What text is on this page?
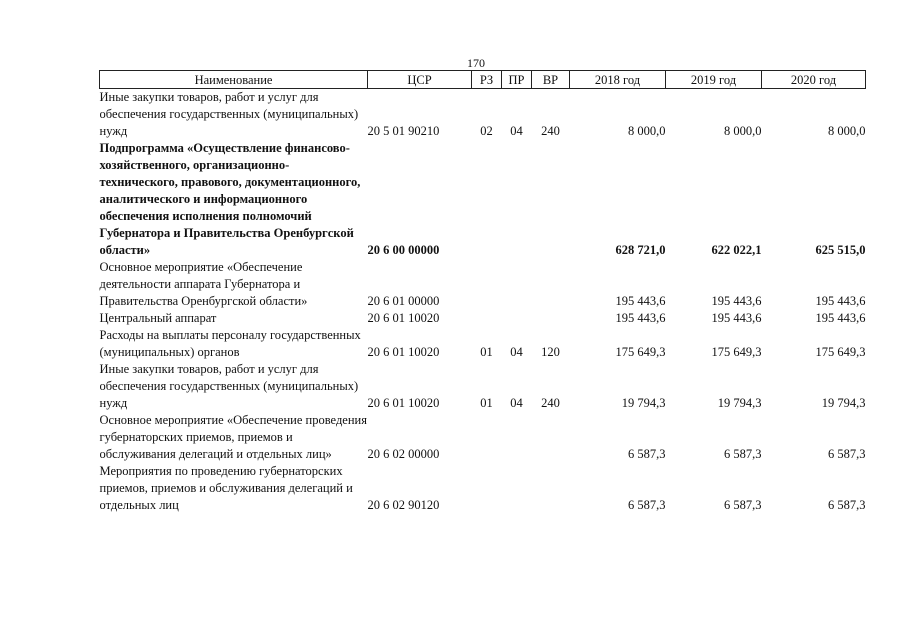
170
Наименование	ЦСР	РЗ	ПР	ВР	2018 год	2019 год	2020 год
Иные закупки товаров, работ и услуг для обеспечения государственных (муниципальных) нужд	20 5 01 90210	02	04	240	8 000,0	8 000,0	8 000,0
Подпрограмма «Осуществление финансово-хозяйственного, организационно-технического, правового, документационного, аналитического и информационного обеспечения исполнения полномочий Губернатора и Правительства Оренбургской области»	20 6 00 00000				628 721,0	622 022,1	625 515,0
Основное мероприятие «Обеспечение деятельности аппарата Губернатора и Правительства Оренбургской области»	20 6 01 00000				195 443,6	195 443,6	195 443,6
Центральный аппарат	20 6 01 10020				195 443,6	195 443,6	195 443,6
Расходы на выплаты персоналу государственных (муниципальных) органов	20 6 01 10020	01	04	120	175 649,3	175 649,3	175 649,3
Иные закупки товаров, работ и услуг для обеспечения государственных (муниципальных) нужд	20 6 01 10020	01	04	240	19 794,3	19 794,3	19 794,3
Основное мероприятие «Обеспечение проведения губернаторских приемов, приемов и обслуживания делегаций и отдельных лиц»	20 6 02 00000				6 587,3	6 587,3	6 587,3
Мероприятия по проведению губернаторских приемов, приемов и обслуживания делегаций и отдельных лиц	20 6 02 90120				6 587,3	6 587,3	6 587,3
